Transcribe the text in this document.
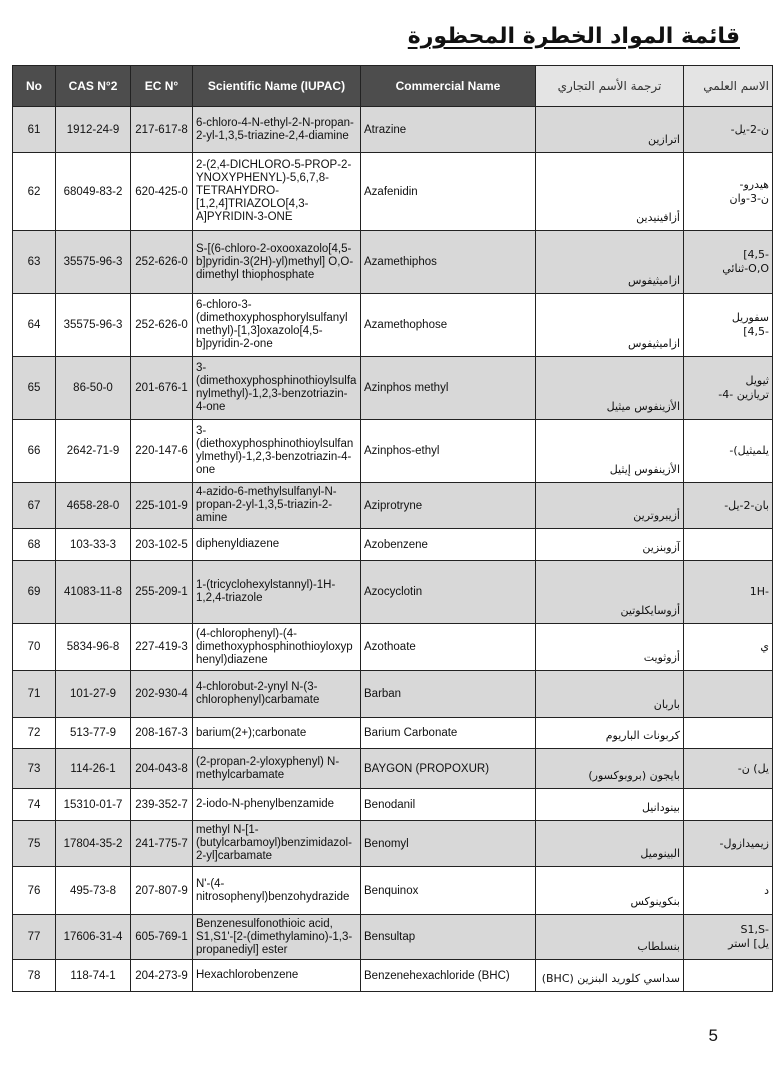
قائمة المواد الخطرة المحظورة
No	CAS N°2	EC N°	Scientific Name (IUPAC)	Commercial Name	ترجمة الأسم التجاري	الاسم العلمي
61	1912-24-9	217-617-8	6-chloro-4-N-ethyl-2-N-propan-2-yl-1,3,5-triazine-2,4-diamine	Atrazine	اترازين	ن-2-يل-
62	68049-83-2	620-425-0	2-(2,4-DICHLORO-5-PROP-2-YNOXYPHENYL)-5,6,7,8-TETRAHYDRO-[1,2,4]TRIAZOLO[4,3-A]PYRIDIN-3-ONE	Azafenidin	أزافينيدين	هيدرو-
ن-3-وان
63	35575-96-3	252-626-0	S-[(6-chloro-2-oxooxazolo[4,5-b]pyridin-3(2H)-yl)methyl] O,O-dimethyl thiophosphate	Azamethiphos	ازاميثيفوس	-4,5]
O,O-ثنائي
64	35575-96-3	252-626-0	6-chloro-3-(dimethoxyphosphorylsulfanylmethyl)-[1,3]oxazolo[4,5-b]pyridin-2-one	Azamethophose	ازاميثيفوس	سفوريل
-4,5]
65	86-50-0	201-676-1	3-(dimethoxyphosphinothioylsulfanylmethyl)-1,2,3-benzotriazin-4-one	Azinphos methyl	الأزينفوس ميثيل	ثيويل
تريازين -4-
66	2642-71-9	220-147-6	3-(diethoxyphosphinothioylsulfanylmethyl)-1,2,3-benzotriazin-4-one	Azinphos-ethyl	الأزينفوس إيثيل	يلميثيل)-
67	4658-28-0	225-101-9	4-azido-6-methylsulfanyl-N-propan-2-yl-1,3,5-triazin-2-amine	Aziprotryne	أزيبروترين	بان-2-يل-
68	103-33-3	203-102-5	diphenyldiazene	Azobenzene	آزوبنزين	
69	41083-11-8	255-209-1	1-(tricyclohexylstannyl)-1H-1,2,4-triazole	Azocyclotin	أزوسايكلوتين	-1H
70	5834-96-8	227-419-3	(4-chlorophenyl)-(4-dimethoxyphosphinothioyloxyphenyl)diazene	Azothoate	أزوثويت	ي
71	101-27-9	202-930-4	4-chlorobut-2-ynyl N-(3-chlorophenyl)carbamate	Barban	باربان	
72	513-77-9	208-167-3	barium(2+);carbonate	Barium Carbonate	كربونات الباريوم	
73	114-26-1	204-043-8	(2-propan-2-yloxyphenyl) N-methylcarbamate	BAYGON (PROPOXUR)	بايجون (بروبوكسور)	يل) ن-
74	15310-01-7	239-352-7	2-iodo-N-phenylbenzamide	Benodanil	بينودانيل	
75	17804-35-2	241-775-7	methyl N-[1-(butylcarbamoyl)benzimidazol-2-yl]carbamate	Benomyl	البينوميل	زيميدازول-
76	495-73-8	207-807-9	N'-(4-nitrosophenyl)benzohydrazide	Benquinox	بنكوينوكس	د
77	17606-31-4	605-769-1	Benzenesulfonothioic acid, S1,S1'-[2-(dimethylamino)-1,3-propanediyl] ester	Bensultap	بنسلطاب	-S1,S
يل] استر
78	118-74-1	204-273-9	Hexachlorobenzene	Benzenehexachloride (BHC)	سداسي كلوريد البنزين (BHC)	
5
